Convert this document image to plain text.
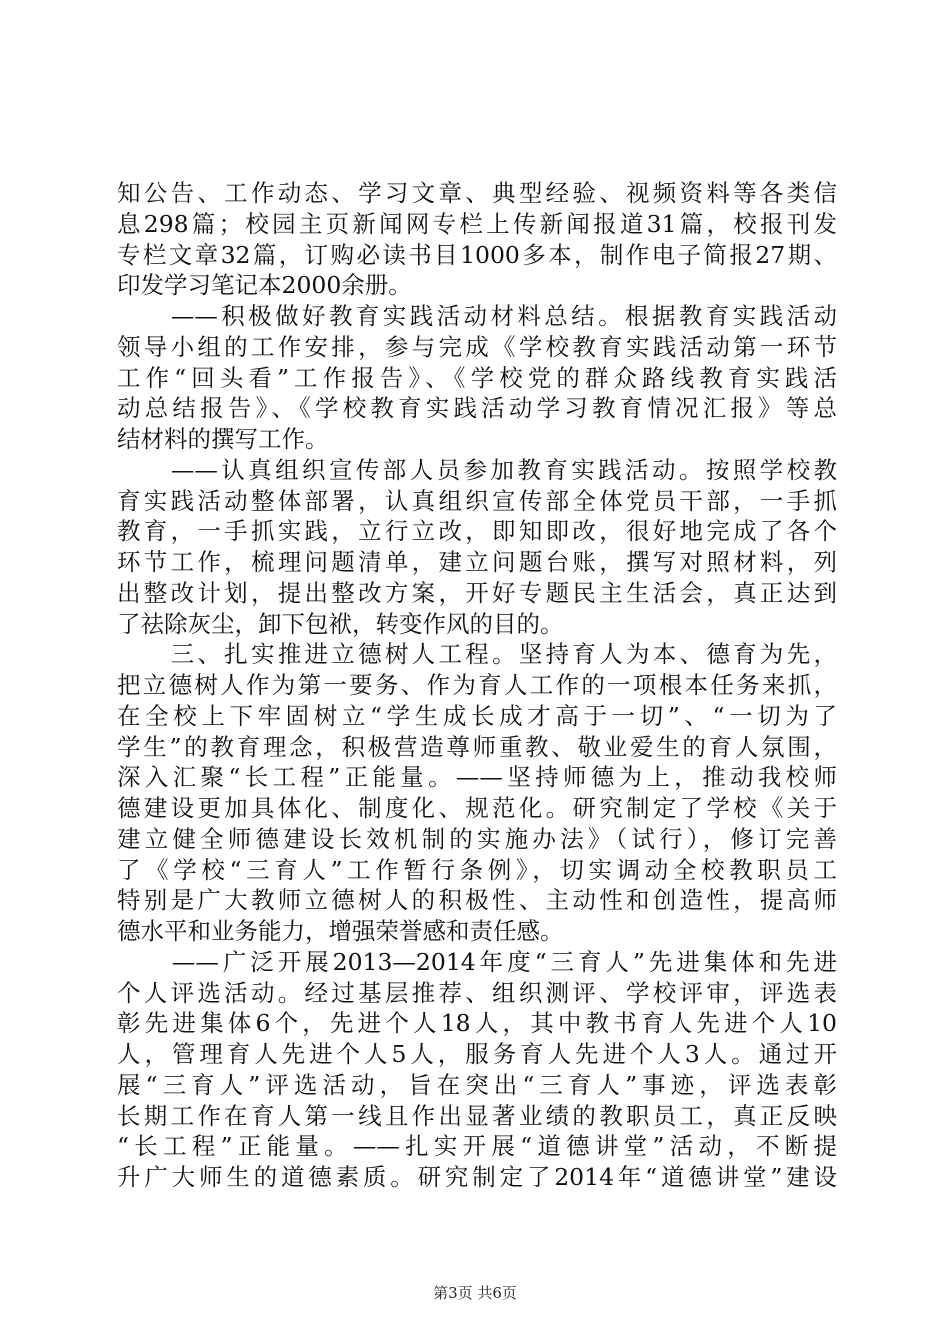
知公告、工作动态、学习文章、典型经验、视频资料等各类信
息298篇；校园主页新闻网专栏上传新闻报道31篇，校报刊发
专栏文章32篇，订购必读书目1000多本，制作电子简报27期、
印发学习笔记本2000余册。
　　——积极做好教育实践活动材料总结。根据教育实践活动
领导小组的工作安排，参与完成《学校教育实践活动第一环节
工作“回头看”工作报告》、《学校党的群众路线教育实践活
动总结报告》、《学校教育实践活动学习教育情况汇报》等总
结材料的撰写工作。
　　——认真组织宣传部人员参加教育实践活动。按照学校教
育实践活动整体部署，认真组织宣传部全体党员干部，一手抓
教育，一手抓实践，立行立改，即知即改，很好地完成了各个
环节工作，梳理问题清单，建立问题台账，撰写对照材料，列
出整改计划，提出整改方案，开好专题民主生活会，真正达到
了祛除灰尘，卸下包袱，转变作风的目的。
　　三、扎实推进立德树人工程。坚持育人为本、德育为先，
把立德树人作为第一要务、作为育人工作的一项根本任务来抓，
在全校上下牢固树立“学生成长成才高于一切”、“一切为了
学生”的教育理念，积极营造尊师重教、敬业爱生的育人氛围，
深入汇聚“长工程”正能量。——坚持师德为上，推动我校师
德建设更加具体化、制度化、规范化。研究制定了学校《关于
建立健全师德建设长效机制的实施办法》（试行），修订完善
了《学校“三育人”工作暂行条例》，切实调动全校教职员工
特别是广大教师立德树人的积极性、主动性和创造性，提高师
德水平和业务能力，增强荣誉感和责任感。
　　——广泛开展2013—2014年度“三育人”先进集体和先进
个人评选活动。经过基层推荐、组织测评、学校评审，评选表
彰先进集体6个，先进个人18人，其中教书育人先进个人10
人，管理育人先进个人5人，服务育人先进个人3人。通过开
展“三育人”评选活动，旨在突出“三育人”事迹，评选表彰
长期工作在育人第一线且作出显著业绩的教职员工，真正反映
“长工程”正能量。——扎实开展“道德讲堂”活动，不断提
升广大师生的道德素质。研究制定了2014年“道德讲堂”建设
第3页 共6页
